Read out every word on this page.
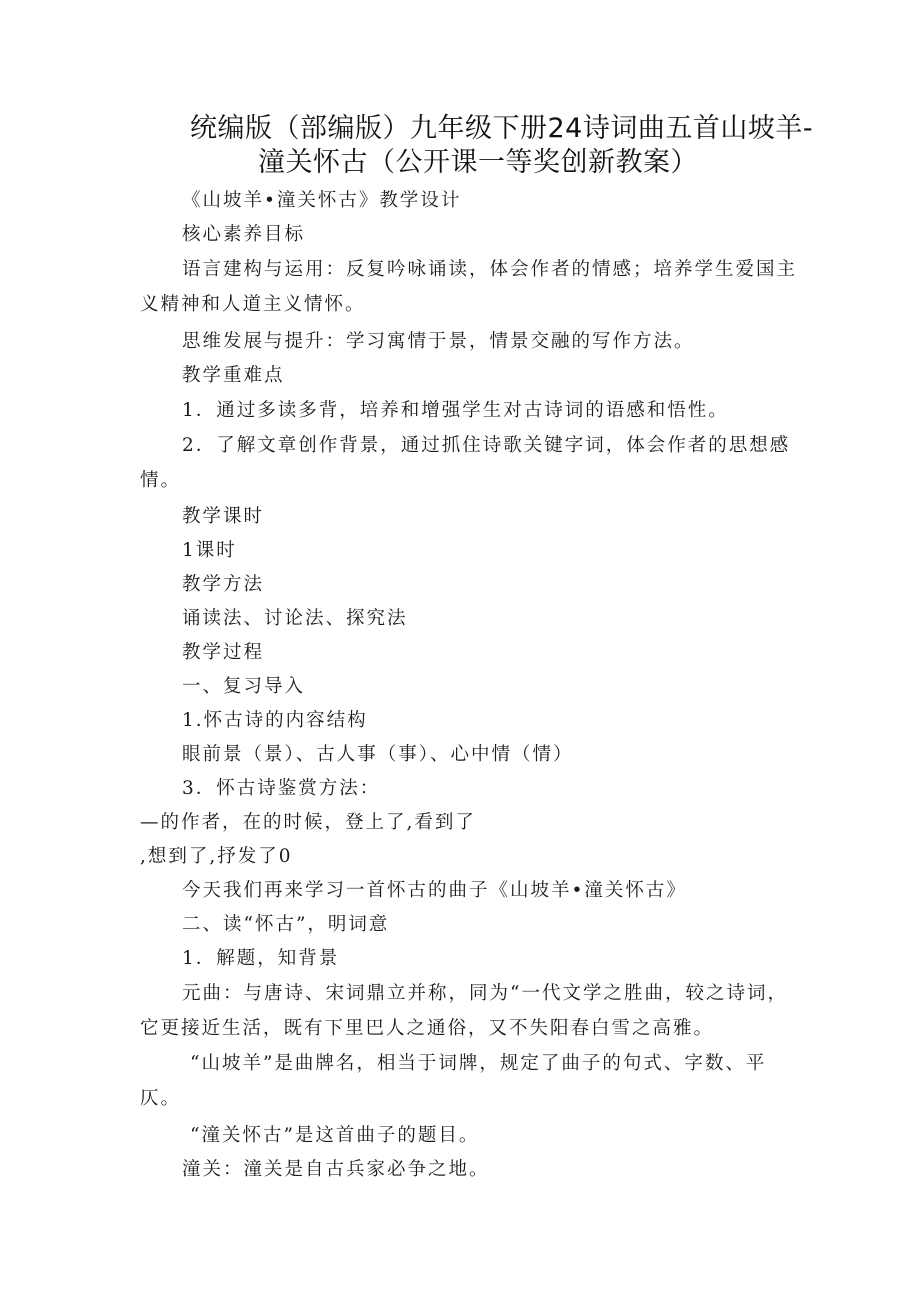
统编版（部编版）九年级下册24诗词曲五首山坡羊-
潼关怀古（公开课一等奖创新教案）
《山坡羊•潼关怀古》教学设计
核心素养目标
语言建构与运用：反复吟咏诵读，体会作者的情感；培养学生爱国主
义精神和人道主义情怀。
思维发展与提升：学习寓情于景，情景交融的写作方法。
教学重难点
1．通过多读多背，培养和增强学生对古诗词的语感和悟性。
2．了解文章创作背景，通过抓住诗歌关键字词，体会作者的思想感
情。
教学课时
1课时
教学方法
诵读法、讨论法、探究法
教学过程
一、复习导入
1.怀古诗的内容结构
眼前景（景）、古人事（事）、心中情（情）
3．怀古诗鉴赏方法：
—的作者，在的时候，登上了,看到了
,想到了,抒发了0
今天我们再来学习一首怀古的曲子《山坡羊•潼关怀古》
二、读“怀古”，明词意
1．解题，知背景
元曲：与唐诗、宋词鼎立并称，同为“一代文学之胜曲，较之诗词，
它更接近生活，既有下里巴人之通俗，又不失阳春白雪之高雅。
“山坡羊”是曲牌名，相当于词牌，规定了曲子的句式、字数、平
仄。
“潼关怀古”是这首曲子的题目。
潼关：潼关是自古兵家必争之地。
